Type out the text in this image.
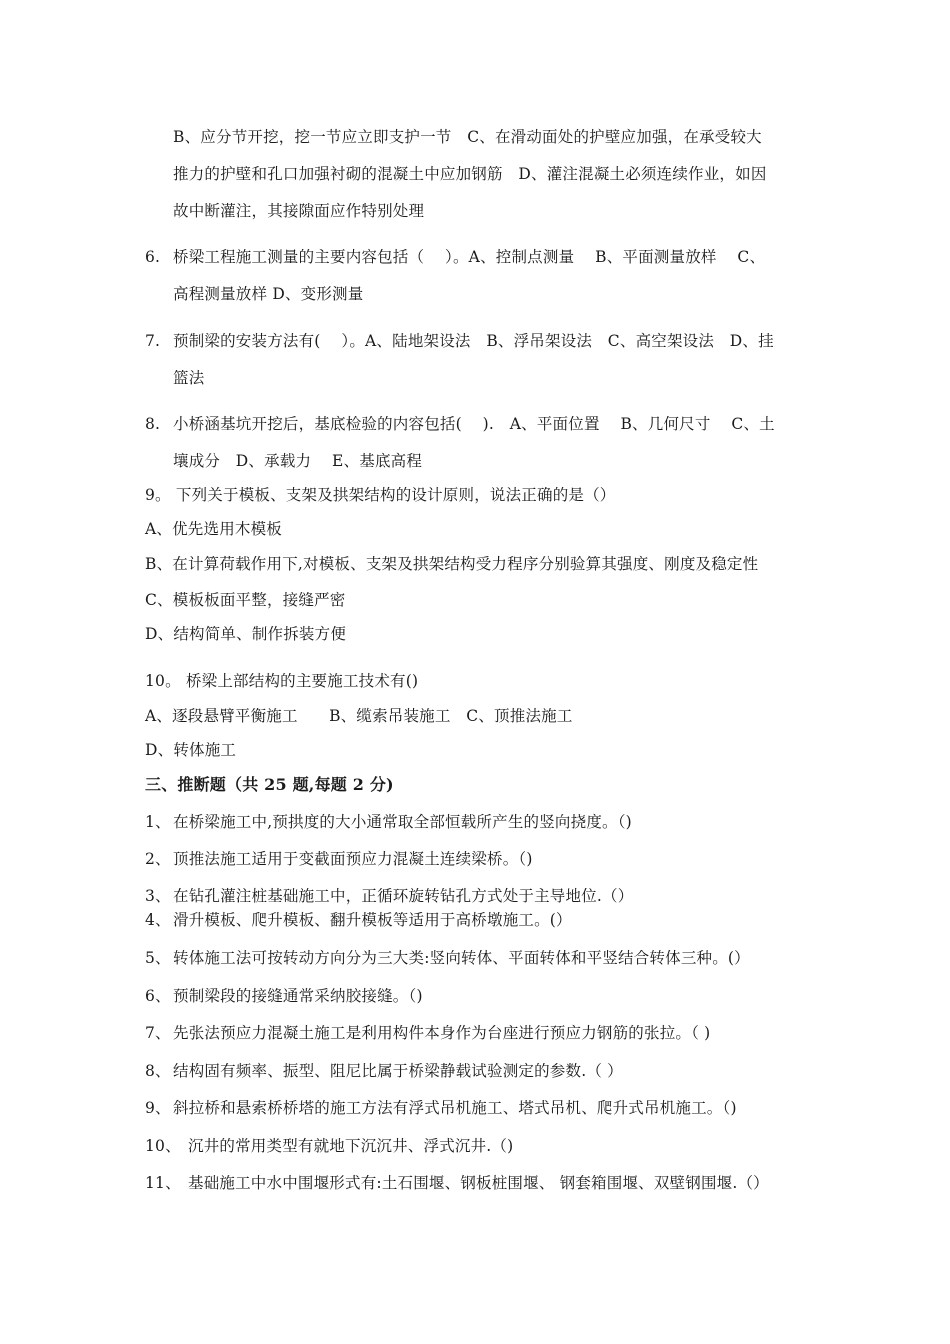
B、应分节开挖，挖一节应立即支护一节　C、在滑动面处的护壁应加强，在承受较大
推力的护壁和孔口加强衬砌的混凝土中应加钢筋　D、灌注混凝土必须连续作业，如因
故中断灌注，其接隙面应作特别处理
6. 桥梁工程施工测量的主要内容包括（　 ）。A、控制点测量　 B、平面测量放样　 C、
高程测量放样 D、变形测量
7. 预制梁的安装方法有(　 ）。A、陆地架设法　B、浮吊架设法　C、高空架设法　D、挂
篮法
8. 小桥涵基坑开挖后，基底检验的内容包括(　 ).　A、平面位置　 B、几何尺寸　 C、土
壤成分　D、承载力　 E、基底高程
9。 下列关于模板、支架及拱架结构的设计原则，说法正确的是（）
A、优先选用木模板
B、在计算荷载作用下,对模板、支架及拱架结构受力程序分别验算其强度、刚度及稳定性
C、模板板面平整，接缝严密
D、结构简单、制作拆装方便
10。 桥梁上部结构的主要施工技术有()
A、逐段悬臂平衡施工　　B、缆索吊装施工　C、顶推法施工
D、转体施工
三、推断题（共 25 题,每题 2 分)
1、 在桥梁施工中,预拱度的大小通常取全部恒载所产生的竖向挠度。（)
2、 顶推法施工适用于变截面预应力混凝土连续梁桥。（)
3、 在钻孔灌注桩基础施工中，正循环旋转钻孔方式处于主导地位.（）
4、 滑升模板、爬升模板、翻升模板等适用于高桥墩施工。(）
5、 转体施工法可按转动方向分为三大类:竖向转体、平面转体和平竖结合转体三种。(）
6、 预制梁段的接缝通常采纳胶接缝。（)
7、 先张法预应力混凝土施工是利用构件本身作为台座进行预应力钢筋的张拉。（ )
8、 结构固有频率、振型、阻尼比属于桥梁静载试验测定的参数.（ ）
9、 斜拉桥和悬索桥桥塔的施工方法有浮式吊机施工、塔式吊机、爬升式吊机施工。（)
10、 沉井的常用类型有就地下沉沉井、浮式沉井.（)
11、 基础施工中水中围堰形式有:土石围堰、钢板桩围堰、 钢套箱围堰、双壁钢围堰.（）
